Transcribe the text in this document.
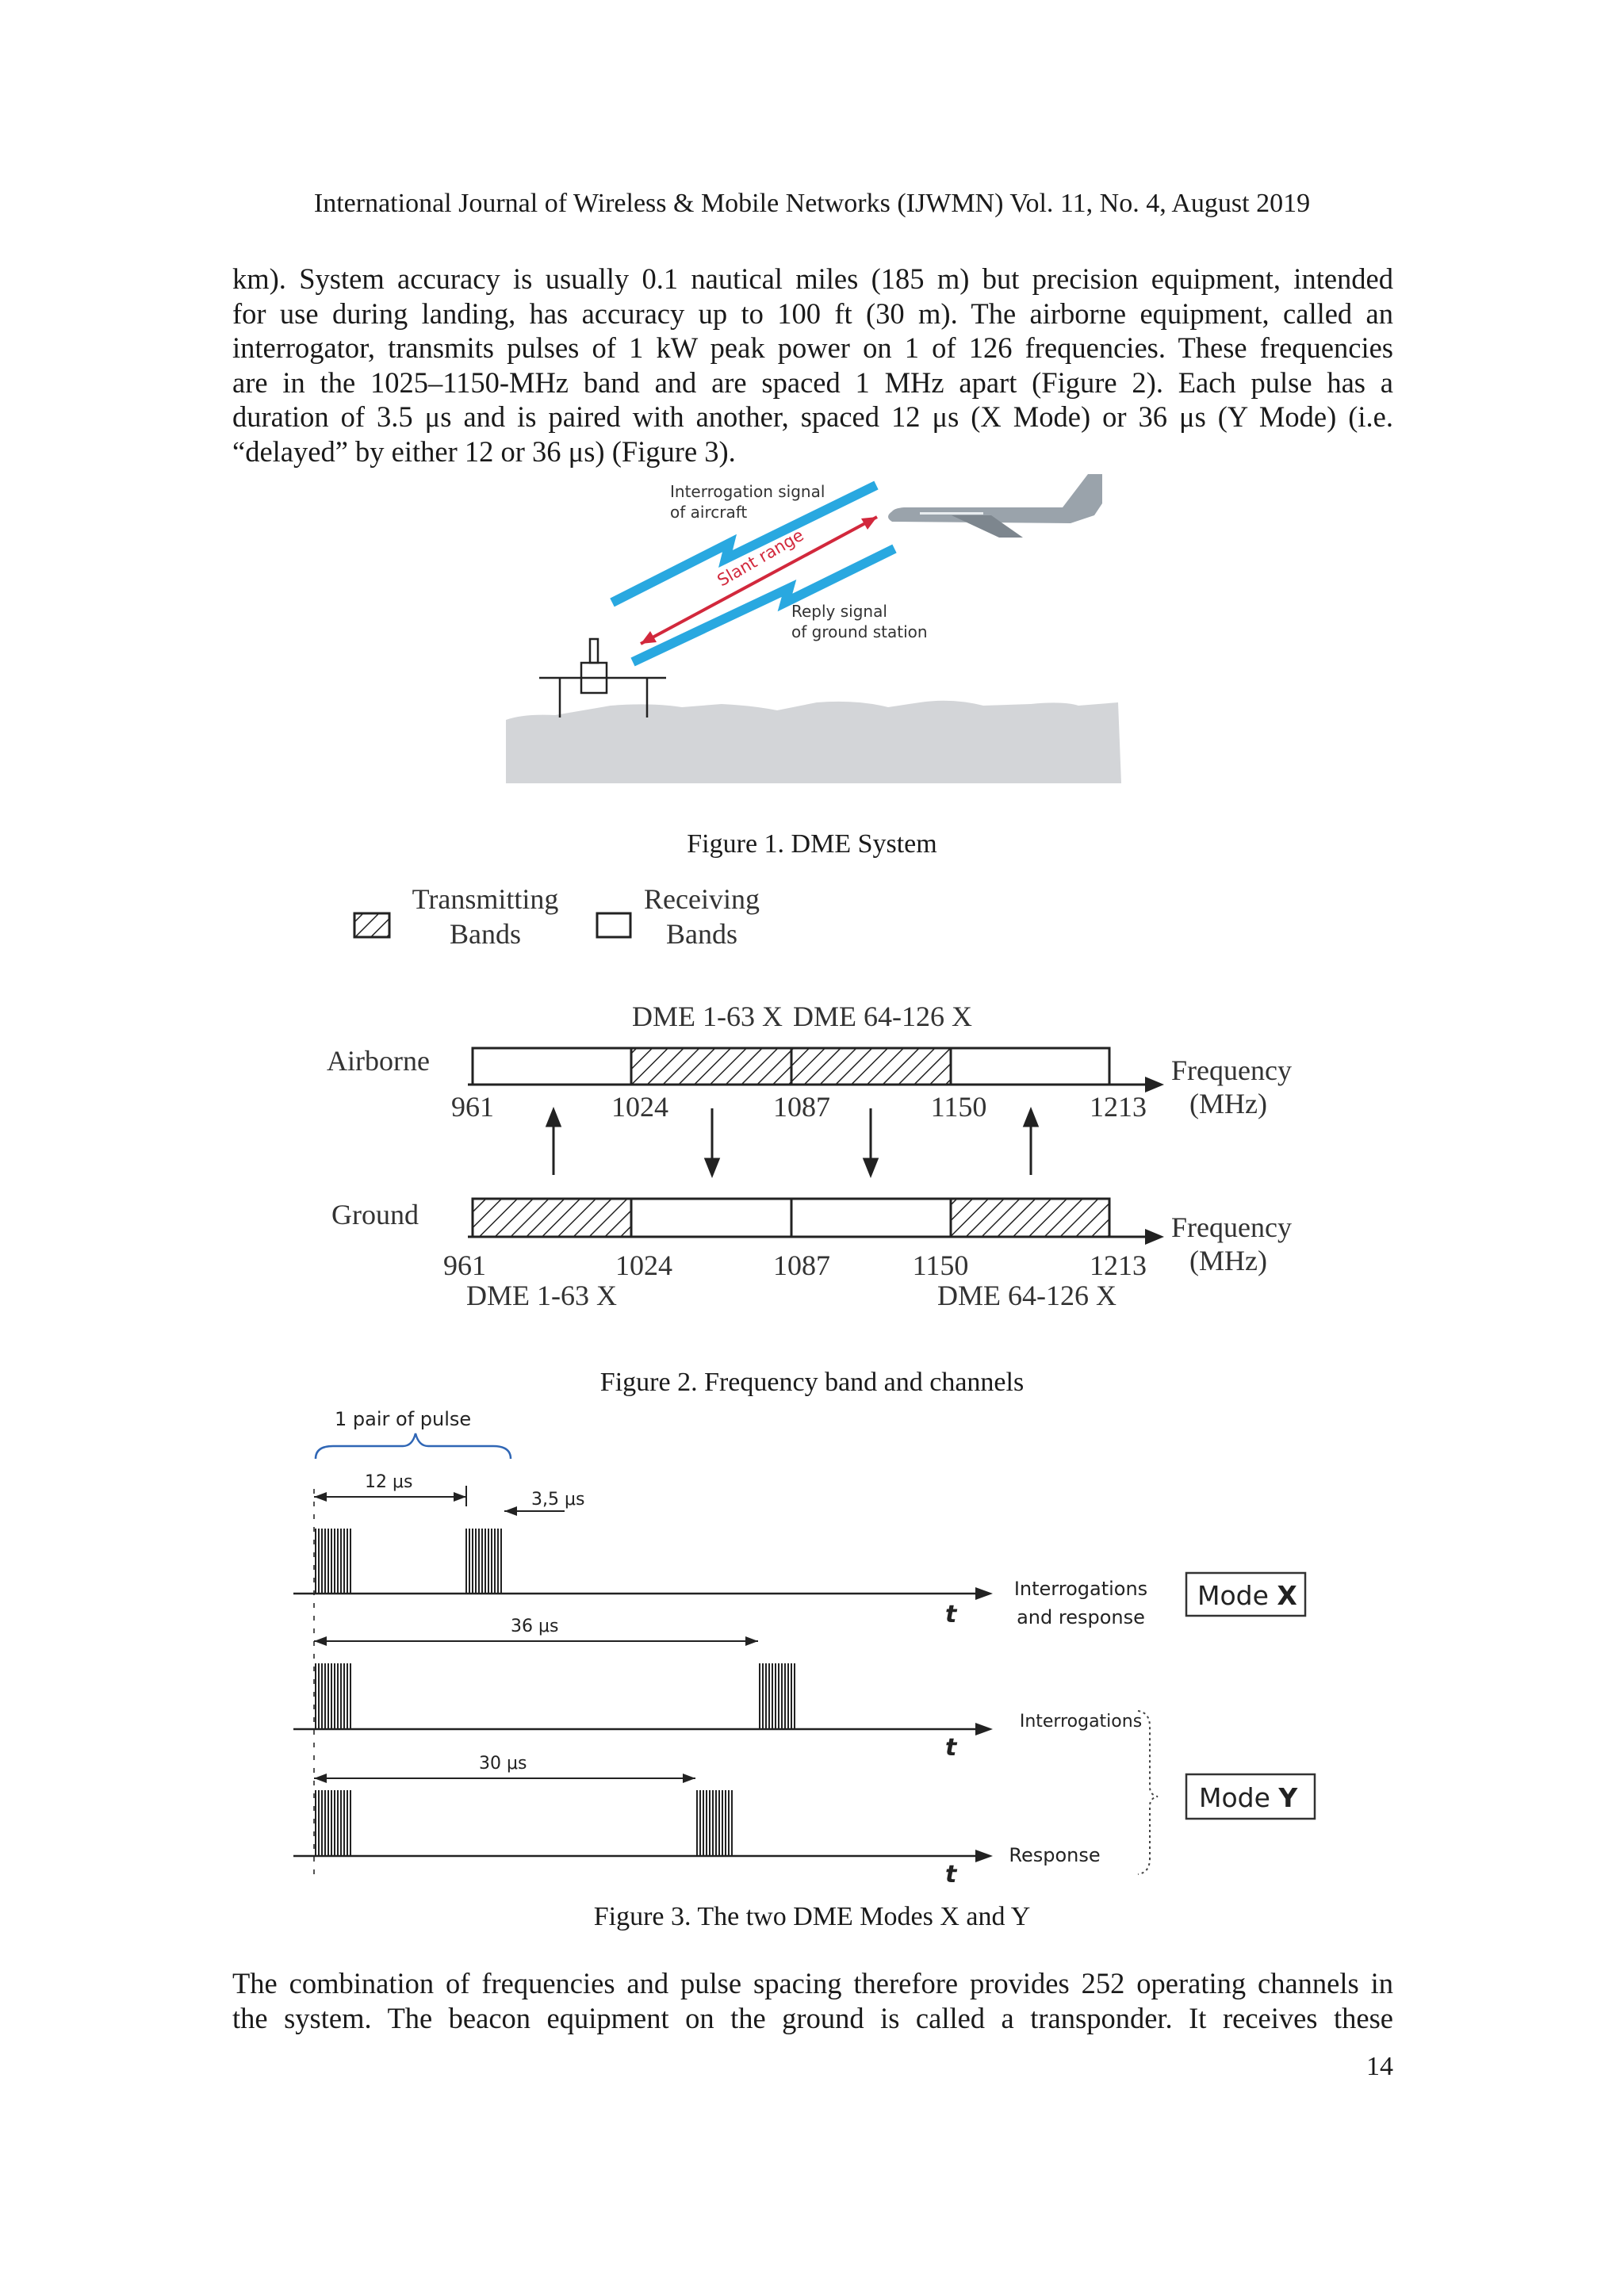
International Journal of Wireless & Mobile Networks (IJWMN) Vol. 11, No. 4, August 2019
km). System accuracy is usually 0.1 nautical miles (185 m) but precision equipment, intended
for use during landing, has accuracy up to 100 ft (30 m). The airborne equipment, called an
interrogator, transmits pulses of 1 kW peak power on 1 of 126 frequencies. These frequencies
are in the 1025–1150-MHz band and are spaced 1 MHz apart (Figure 2). Each pulse has a
duration of 3.5 μs and is paired with another, spaced 12 μs (X Mode) or 36 μs (Y Mode) (i.e.
“delayed” by either 12 or 36 μs) (Figure 3).
Interrogation signal
of aircraft
Slant range
Reply signal
of ground station
Figure 1. DME System
Transmitting
Bands
Receiving
Bands
Airborne
DME 1-63 X DME 64-126 X
Frequency
(MHz)
961	1024	1087	1150	1213
Ground	Frequency
(MHz)
961	1024	1087	1150	1213
DME 1-63 X	DME 64-126 X
Figure 2. Frequency band and channels
1 pair of pulse
12 μs
3,5 μs
36 μs
30 μs
t
t
t
Interrogations
and response
Interrogations
Response
Mode X
Mode Y
Figure 3. The two DME Modes X and Y
The combination of frequencies and pulse spacing therefore provides 252 operating channels in
the system. The beacon equipment on the ground is called a transponder. It receives these
14
